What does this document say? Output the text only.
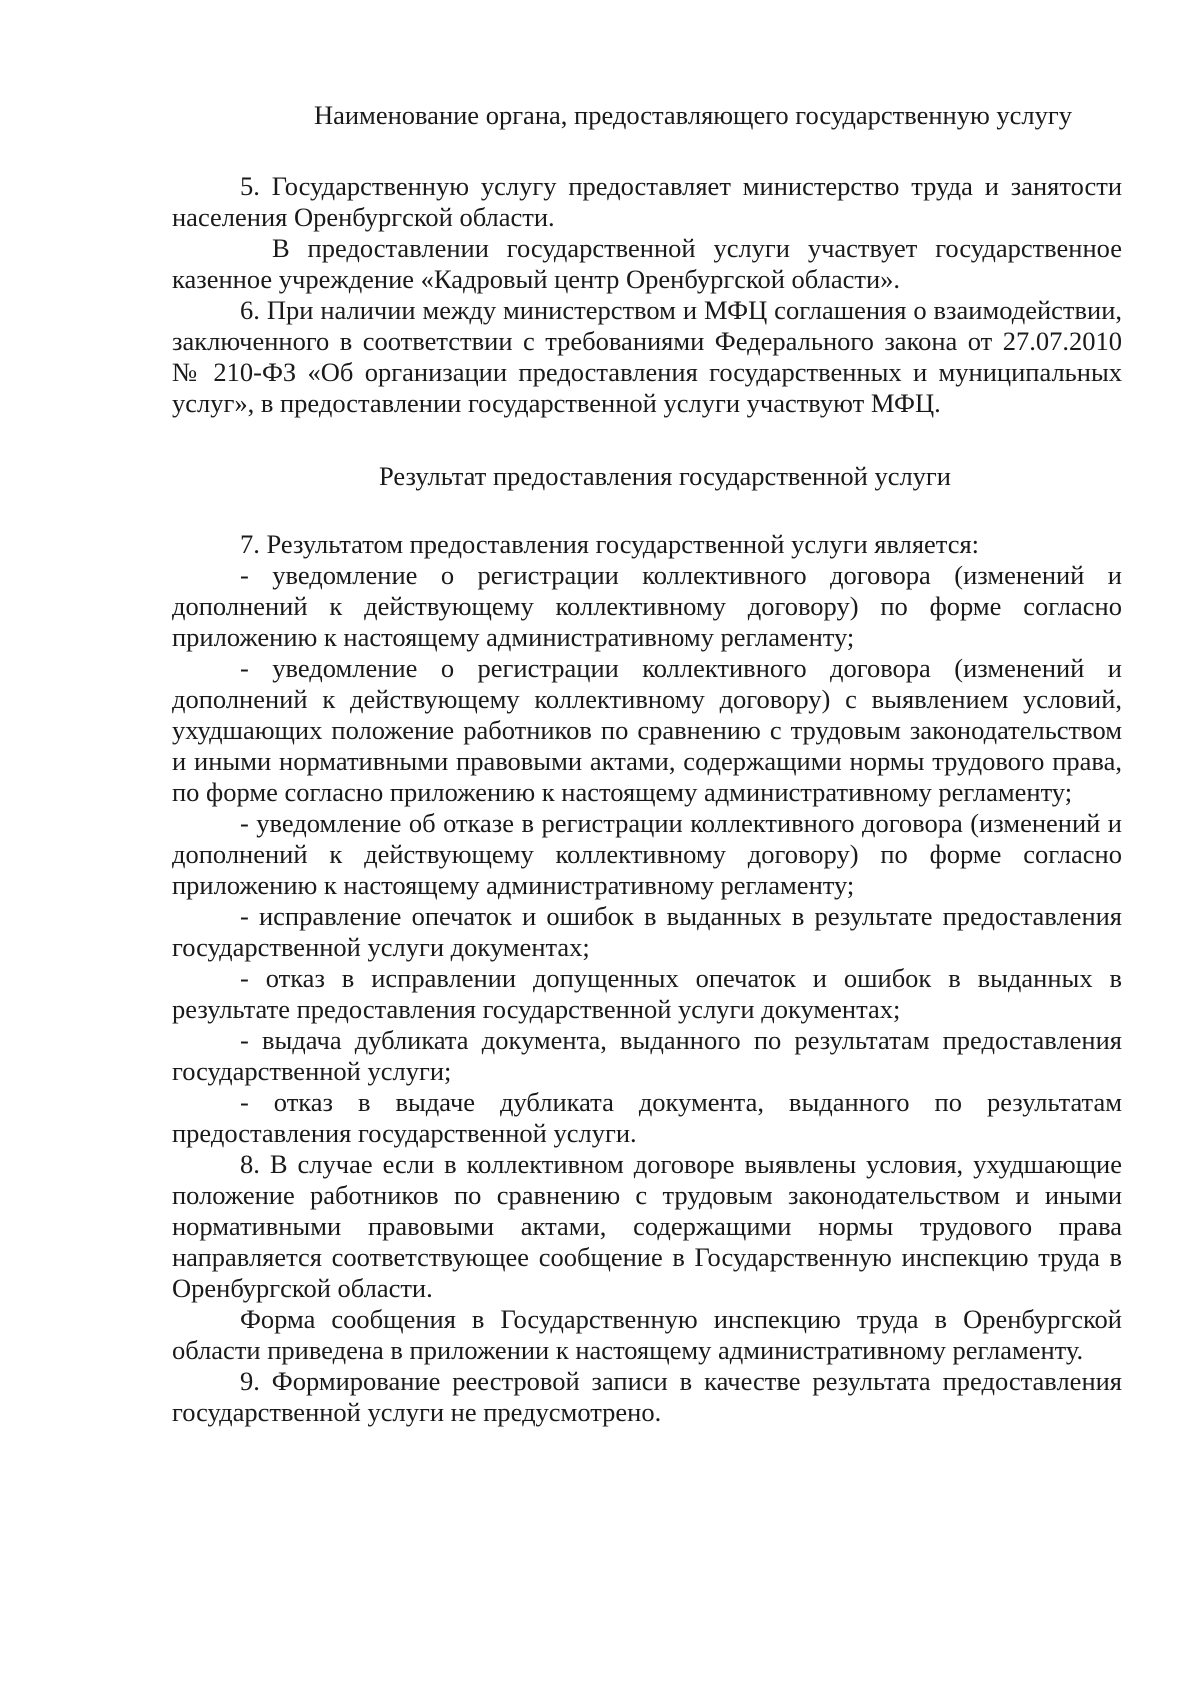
Наименование органа, предоставляющего государственную услугу

5. Государственную услугу предоставляет министерство труда и занятости населения Оренбургской области.

В предоставлении государственной услуги участвует государственное казенное учреждение «Кадровый центр Оренбургской области».

6. При наличии между министерством и МФЦ соглашения о взаимодействии, заключенного в соответствии с требованиями Федерального закона от 27.07.2010 № 210-ФЗ «Об организации предоставления государственных и муниципальных услуг», в предоставлении государственной услуги участвуют МФЦ.

Результат предоставления государственной услуги

7. Результатом предоставления государственной услуги является:

- уведомление о регистрации коллективного договора (изменений и дополнений к действующему коллективному договору) по форме согласно приложению к настоящему административному регламенту;

- уведомление о регистрации коллективного договора (изменений и дополнений к действующему коллективному договору) с выявлением условий, ухудшающих положение работников по сравнению с трудовым законодательством и иными нормативными правовыми актами, содержащими нормы трудового права, по форме согласно приложению к настоящему административному регламенту;

- уведомление об отказе в регистрации коллективного договора (изменений и дополнений к действующему коллективному договору) по форме согласно приложению к настоящему административному регламенту;

- исправление опечаток и ошибок в выданных в результате предоставления государственной услуги документах;

- отказ в исправлении допущенных опечаток и ошибок в выданных в результате предоставления государственной услуги документах;

- выдача дубликата документа, выданного по результатам предоставления государственной услуги;

- отказ в выдаче дубликата документа, выданного по результатам предоставления государственной услуги.

8. В случае если в коллективном договоре выявлены условия, ухудшающие положение работников по сравнению с трудовым законодательством и иными нормативными правовыми актами, содержащими нормы трудового права направляется соответствующее сообщение в Государственную инспекцию труда в Оренбургской области.

Форма сообщения в Государственную инспекцию труда в Оренбургской области приведена в приложении к настоящему административному регламенту.

9. Формирование реестровой записи в качестве результата предоставления государственной услуги не предусмотрено.
